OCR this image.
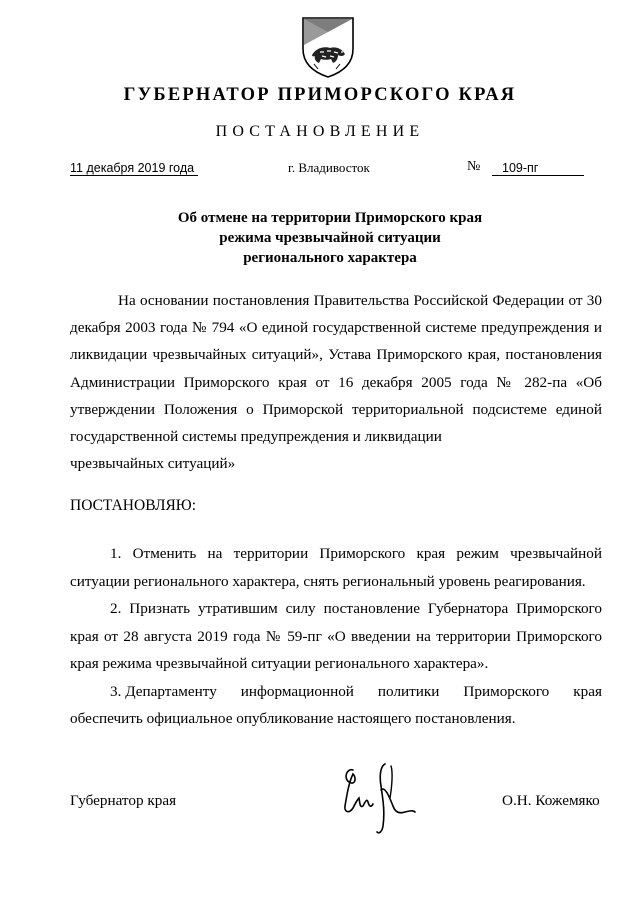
ГУБЕРНАТОР ПРИМОРСКОГО КРАЯ
ПОСТАНОВЛЕНИЕ
11 декабря 2019 года	г. Владивосток	№ 109-пг
Об отмене на территории Приморского края
режима чрезвычайной ситуации
регионального характера
На основании постановления Правительства Российской Федерации от 30 декабря 2003 года № 794 «О единой государственной системе предупреждения и ликвидации чрезвычайных ситуаций», Устава Приморского края, постановления Администрации Приморского края от 16 декабря 2005 года № 282-па «Об утверждении Положения о Приморской территориальной подсистеме единой государственной системы предупреждения и ликвидации
чрезвычайных ситуаций»
ПОСТАНОВЛЯЮ:
1. Отменить на территории Приморского края режим чрезвычайной ситуации регионального характера, снять региональный уровень реагирования.
2. Признать утратившим силу постановление Губернатора Приморского края от 28 августа 2019 года № 59-пг «О введении на территории Приморского края режима чрезвычайной ситуации регионального характера».
3. Департаменту информационной политики Приморского края
обеспечить официальное опубликование настоящего постановления.
Губернатор края	О.Н. Кожемяко
